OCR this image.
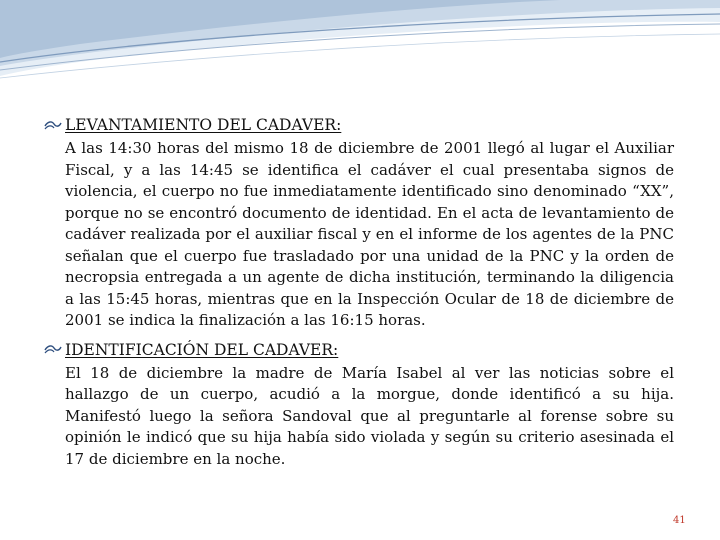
LEVANTAMIENTO DEL CADAVER:

A las 14:30 horas del mismo 18 de diciembre de 2001 llegó al lugar el Auxiliar Fiscal, y a las 14:45 se identifica el cadáver el cual presentaba signos de violencia, el cuerpo no fue inmediatamente identificado sino denominado “XX”, porque no se encontró documento de identidad. En el acta de levantamiento de cadáver realizada por el auxiliar fiscal y en el informe de los agentes de la PNC señalan que el cuerpo fue trasladado por una unidad de la PNC y la orden de necropsia entregada a un agente de dicha institución, terminando la diligencia a las 15:45 horas, mientras que en la Inspección Ocular de 18 de diciembre de 2001 se indica la finalización a las 16:15 horas.

IDENTIFICACIÓN DEL CADAVER:

El 18 de diciembre la madre de María Isabel al ver las noticias sobre el hallazgo de un cuerpo, acudió a la morgue, donde identificó a su hija. Manifestó luego la señora Sandoval que al preguntarle al forense sobre su opinión le indicó que su hija había sido violada y según su criterio asesinada el 17 de diciembre en la noche.

41
